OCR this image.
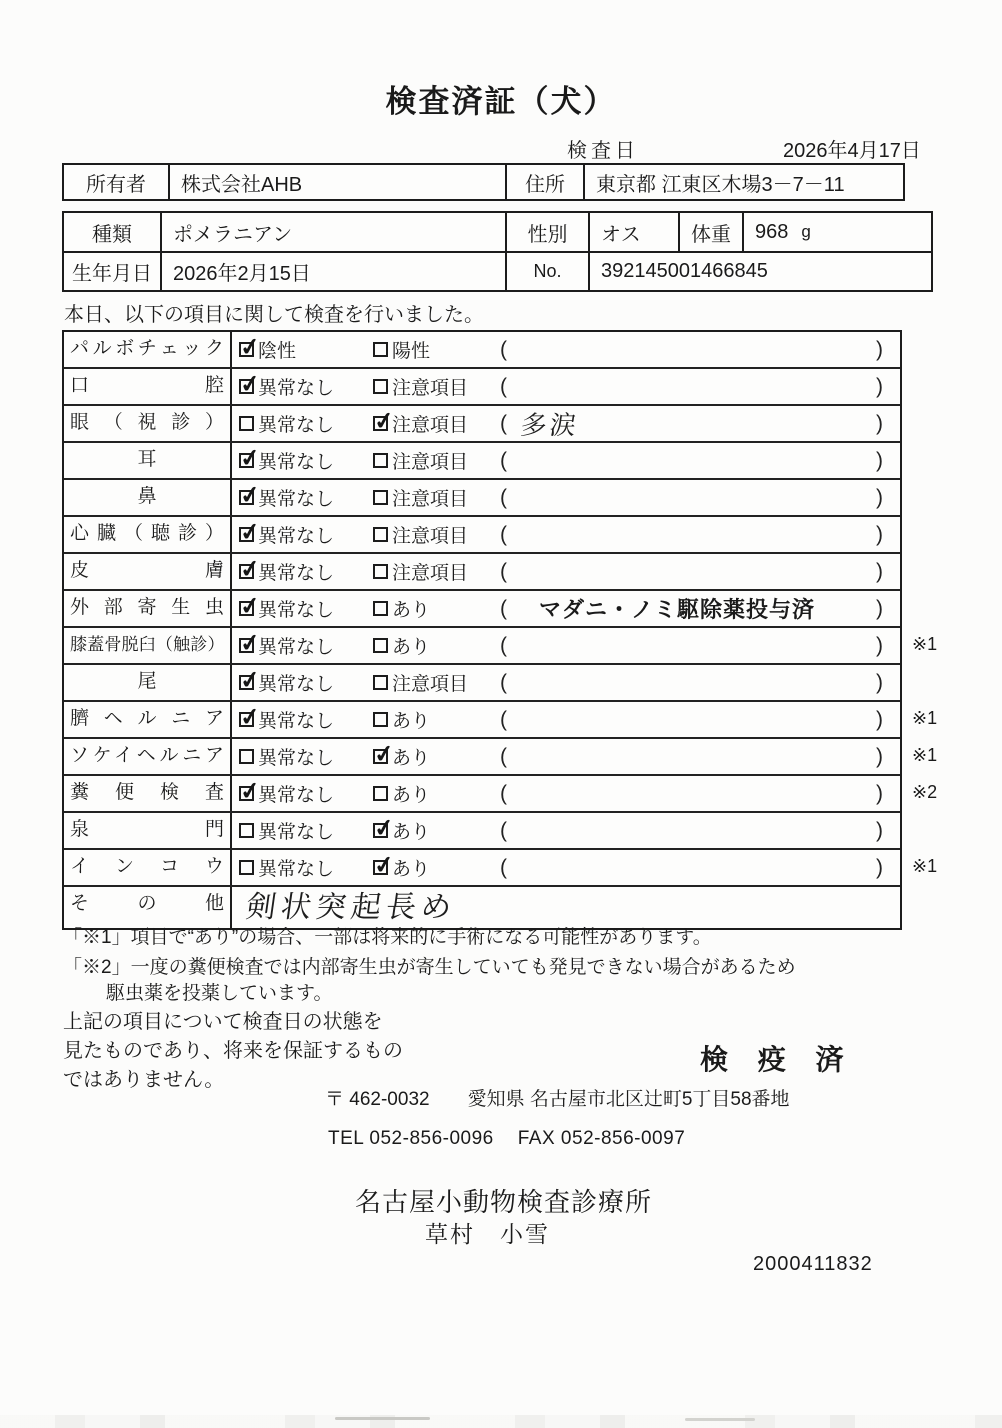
検査済証（犬）
検査日	2026年4月17日
所有者	株式会社AHB	住所	東京都 江東区木場3－7－11
種類	ポメラニアン	性別	オス	体重	968 g
生年月日	2026年2月15日	No.	392145001466845
本日、以下の項目に関して検査を行いました。
パルボチェック ✓	陰性	陽性	(	)
口腔 ✓	異常なし	注意項目 (	)
眼（視診）	異常なし ✓	注意項目 ( 多涙	)
耳 ✓	異常なし	注意項目 (	)
鼻 ✓	異常なし	注意項目 (	)
心臓（聴診） ✓	異常なし	注意項目 (	)
皮膚 ✓	異常なし	注意項目 (	)
外部寄生虫 ✓	異常なし	あり	(	マダニ・ノミ駆除薬投与済	)
膝蓋骨脱臼（触診） ✓	異常なし	あり	(	) ※1
尾 ✓	異常なし	注意項目 (	)
臍ヘルニア ✓	異常なし	あり	(	) ※1
ソケイヘルニア	異常なし ✓	あり	(	) ※1
糞便検査 ✓	異常なし	あり	(	) ※2
泉門	異常なし ✓	あり	(	)
インコウ	異常なし ✓	あり	(	) ※1
その他 剣状突起長め
「※1」項目で“あり”の場合、一部は将来的に手術になる可能性があります。
「※2」一度の糞便検査では内部寄生虫が寄生していても発見できない場合があるため
駆虫薬を投薬しています。
上記の項目について検査日の状態を
見たものであり、将来を保証するもの
ではありません。
検 疫 済
〒 462-0032 愛知県 名古屋市北区辻町5丁目58番地
TEL 052-856-0096 FAX 052-856-0097
名古屋小動物検査診療所
草村　小雪
2000411832
